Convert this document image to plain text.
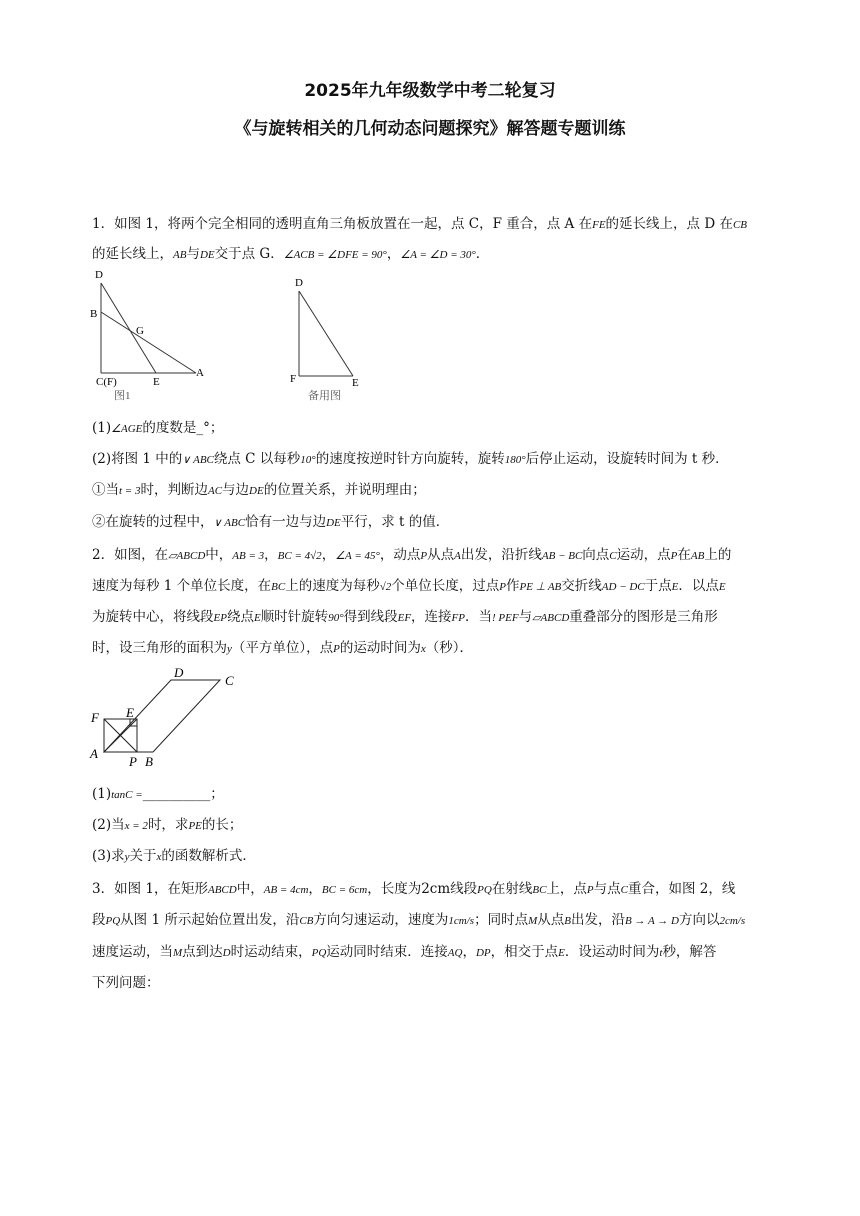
2025年九年级数学中考二轮复习
《与旋转相关的几何动态问题探究》解答题专题训练
1．如图 1，将两个完全相同的透明直角三角板放置在一起，点 C，F 重合，点 A 在FE的延长线上，点 D 在CB
的延长线上，AB与DE交于点 G．∠ACB = ∠DFE = 90°，∠A = ∠D = 30°．
D
B
G
C(F)	E
A
图1
D
F	E
备用图
(1)∠AGE的度数是_°；
(2)将图 1 中的∨ ABC绕点 C 以每秒10°的速度按逆时针方向旋转，旋转180°后停止运动，设旋转时间为 t 秒．
①当t = 3时，判断边AC与边DE的位置关系，并说明理由；
②在旋转的过程中，∨ ABC恰有一边与边DE平行，求 t 的值．
2．如图，在▱ABCD中，AB = 3，BC = 4√2，∠A = 45°，动点P从点A出发，沿折线AB − BC向点C运动，点P在AB上的
速度为每秒 1 个单位长度，在BC上的速度为每秒√2个单位长度，过点P作PE ⊥ AB交折线AD − DC于点E．以点E
为旋转中心，将线段EP绕点E顺时针旋转90°得到线段EF，连接FP．当! PEF与▱ABCD重叠部分的图形是三角形
时，设三角形的面积为y（平方单位），点P的运动时间为x（秒）．
D
C
F E
A
P B
(1)tanC =__________；
(2)当x = 2时，求PE的长；
(3)求y关于x的函数解析式．
3．如图 1，在矩形ABCD中，AB = 4cm，BC = 6cm，长度为2cm线段PQ在射线BC上，点P与点C重合，如图 2，线
段PQ从图 1 所示起始位置出发，沿CB方向匀速运动，速度为1cm/s；同时点M从点B出发，沿B → A → D方向以2cm/s
速度运动，当M点到达D时运动结束，PQ运动同时结束．连接AQ，DP，相交于点E．设运动时间为t秒，解答
下列问题：
